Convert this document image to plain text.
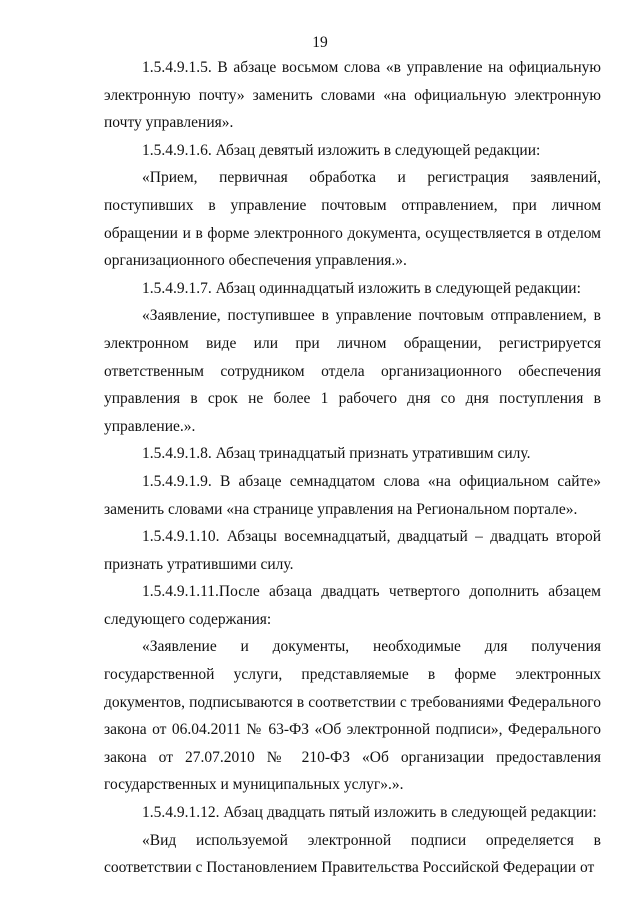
19

1.5.4.9.1.5. В абзаце восьмом слова «в управление на официальную электронную почту» заменить словами «на официальную электронную почту управления».

1.5.4.9.1.6. Абзац девятый изложить в следующей редакции:

«Прием, первичная обработка и регистрация заявлений, поступивших в управление почтовым отправлением, при личном обращении и в форме электронного документа, осуществляется в отделом организационного обеспечения управления.».

1.5.4.9.1.7. Абзац одиннадцатый изложить в следующей редакции:

«Заявление, поступившее в управление почтовым отправлением, в электронном виде или при личном обращении, регистрируется ответственным сотрудником отдела организационного обеспечения управления в срок не более 1 рабочего дня со дня поступления в управление.».

1.5.4.9.1.8. Абзац тринадцатый признать утратившим силу.

1.5.4.9.1.9. В абзаце семнадцатом слова «на официальном сайте» заменить словами «на странице управления на Региональном портале».

1.5.4.9.1.10. Абзацы восемнадцатый, двадцатый – двадцать второй признать утратившими силу.

1.5.4.9.1.11.После абзаца двадцать четвертого дополнить абзацем следующего содержания:

«Заявление и документы, необходимые для получения государственной услуги, представляемые в форме электронных документов, подписываются в соответствии с требованиями Федерального закона от 06.04.2011 № 63-ФЗ «Об электронной подписи», Федерального закона от 27.07.2010 № 210-ФЗ «Об организации предоставления государственных и муниципальных услуг».».

1.5.4.9.1.12. Абзац двадцать пятый изложить в следующей редакции:

«Вид используемой электронной подписи определяется в соответствии с Постановлением Правительства Российской Федерации от
